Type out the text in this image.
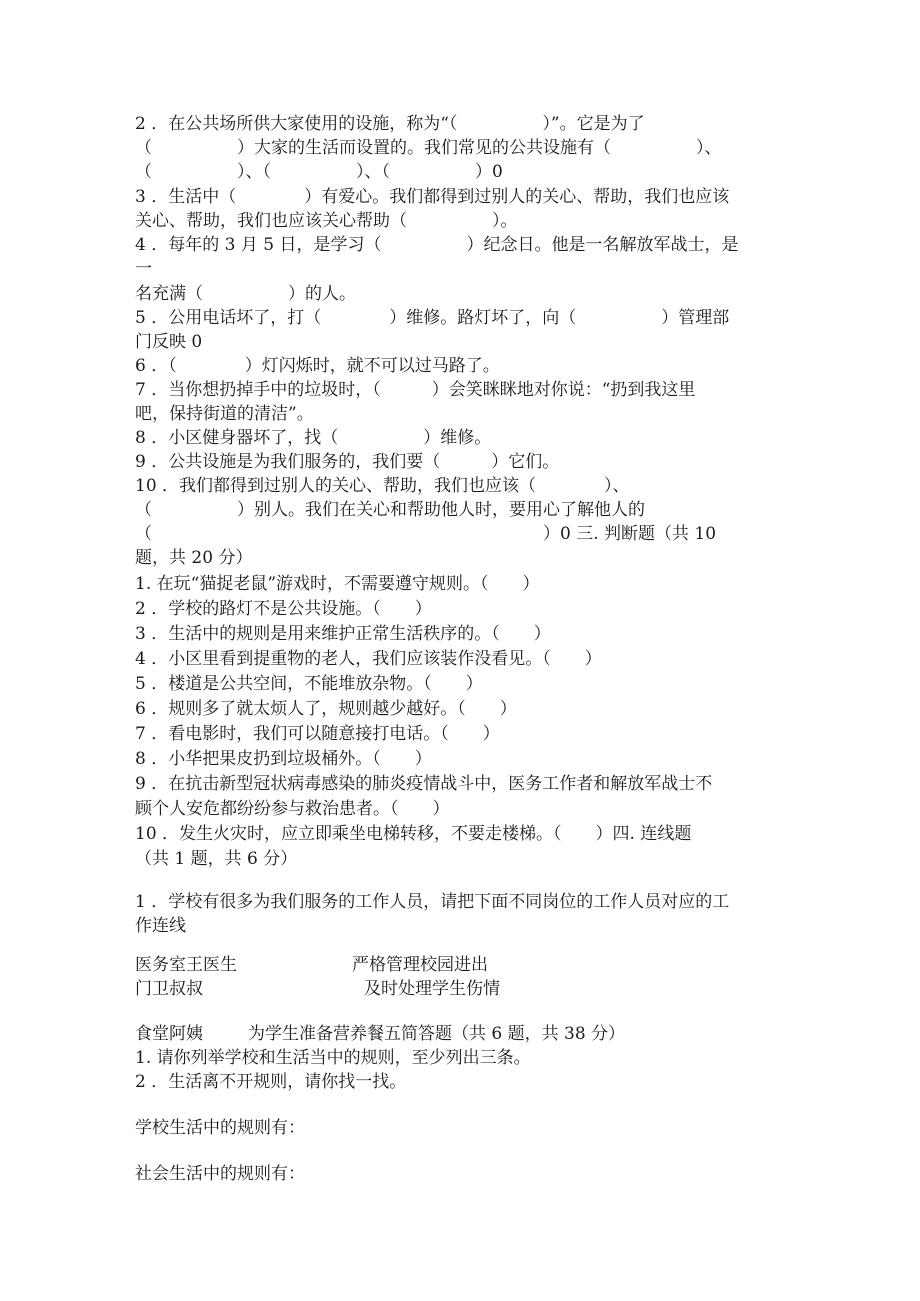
2 ．在公共场所供大家使用的设施，称为“（　　　　　）”。它是为了
（　　　　　）大家的生活而设置的。我们常见的公共设施有（　　　　　）、
（　　　　　）、（　　　　　）、（　　　　　）0
3 ．生活中（　　　　）有爱心。我们都得到过别人的关心、帮助，我们也应该
关心、帮助，我们也应该关心帮助（　　　　　）。
4 ．每年的 3 月 5 日，是学习（　　　　　）纪念日。他是一名解放军战士，是
一
名充满（　　　　　）的人。
5 ．公用电话坏了，打（　　　　）维修。路灯坏了，向（　　　　　）管理部
门反映 0
6 ．（　　　　）灯闪烁时，就不可以过马路了。
7 ．当你想扔掉手中的垃圾时，（　　　）会笑眯眯地对你说：“扔到我这里
吧，保持街道的清洁”。
8 ．小区健身器坏了，找（　　　　　）维修。
9 ．公共设施是为我们服务的，我们要（　　　）它们。
10 ．我们都得到过别人的关心、帮助，我们也应该（　　　　）、
（　　　　　）别人。我们在关心和帮助他人时，要用心了解他人的
（　　　　　　　　　　　　　　　　　　　　　　　）0 三. 判断题（共 10
题，共 20 分）
1. 在玩“猫捉老鼠”游戏时，不需要遵守规则。（　　）
2 ．学校的路灯不是公共设施。（　　）
3 ．生活中的规则是用来维护正常生活秩序的。（　　）
4 ．小区里看到提重物的老人，我们应该装作没看见。（　　）
5 ．楼道是公共空间，不能堆放杂物。（　　）
6 ．规则多了就太烦人了，规则越少越好。（　　）
7 ．看电影时，我们可以随意接打电话。（　　）
8 ．小华把果皮扔到垃圾桶外。（　　）
9 ．在抗击新型冠状病毒感染的肺炎疫情战斗中，医务工作者和解放军战士不
顾个人安危都纷纷参与救治患者。（　　）
10 ．发生火灾时，应立即乘坐电梯转移，不要走楼梯。（　　）四. 连线题
（共 1 题，共 6 分）
1 ．学校有很多为我们服务的工作人员，请把下面不同岗位的工作人员对应的工
作连线
医务室王医生	严格管理校园进出
门卫叔叔	及时处理学生伤情
食堂阿姨	为学生准备营养餐五简答题（共 6 题，共 38 分）
1. 请你列举学校和生活当中的规则，至少列出三条。
2 ．生活离不开规则，请你找一找。
学校生活中的规则有：
社会生活中的规则有：
